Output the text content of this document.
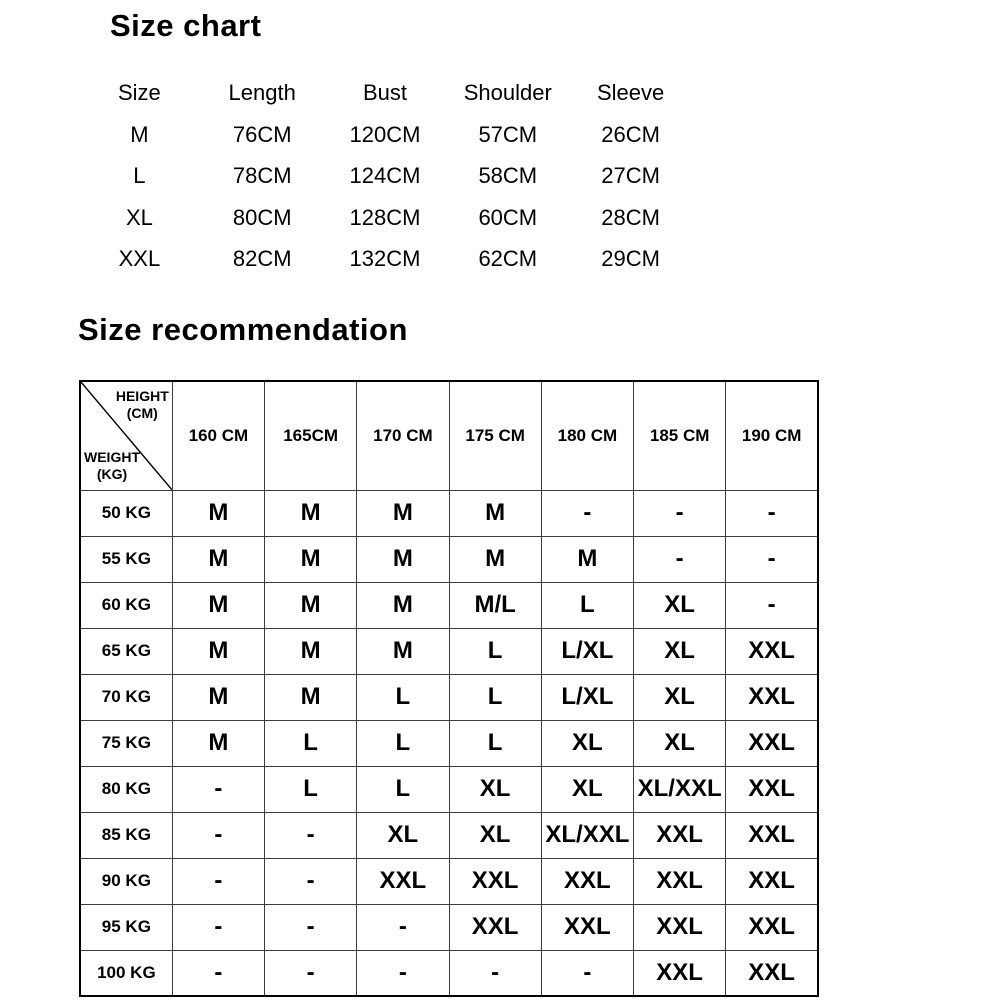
Size chart
Size	Length	Bust	Shoulder	Sleeve
M	76CM	120CM	57CM	26CM
L	78CM	124CM	58CM	27CM
XL	80CM	128CM	60CM	28CM
XXL	82CM	132CM	62CM	29CM
Size recommendation
HEIGHT
(CM)
WEIGHT
(KG)	160 CM	165CM	170 CM	175 CM	180 CM	185 CM	190 CM
50 KG	M	M	M	M	-	-	-
55 KG	M	M	M	M	M	-	-
60 KG	M	M	M	M/L	L	XL	-
65 KG	M	M	M	L	L/XL	XL	XXL
70 KG	M	M	L	L	L/XL	XL	XXL
75 KG	M	L	L	L	XL	XL	XXL
80 KG	-	L	L	XL	XL	XL/XXL	XXL
85 KG	-	-	XL	XL	XL/XXL	XXL	XXL
90 KG	-	-	XXL	XXL	XXL	XXL	XXL
95 KG	-	-	-	XXL	XXL	XXL	XXL
100 KG	-	-	-	-	-	XXL	XXL
